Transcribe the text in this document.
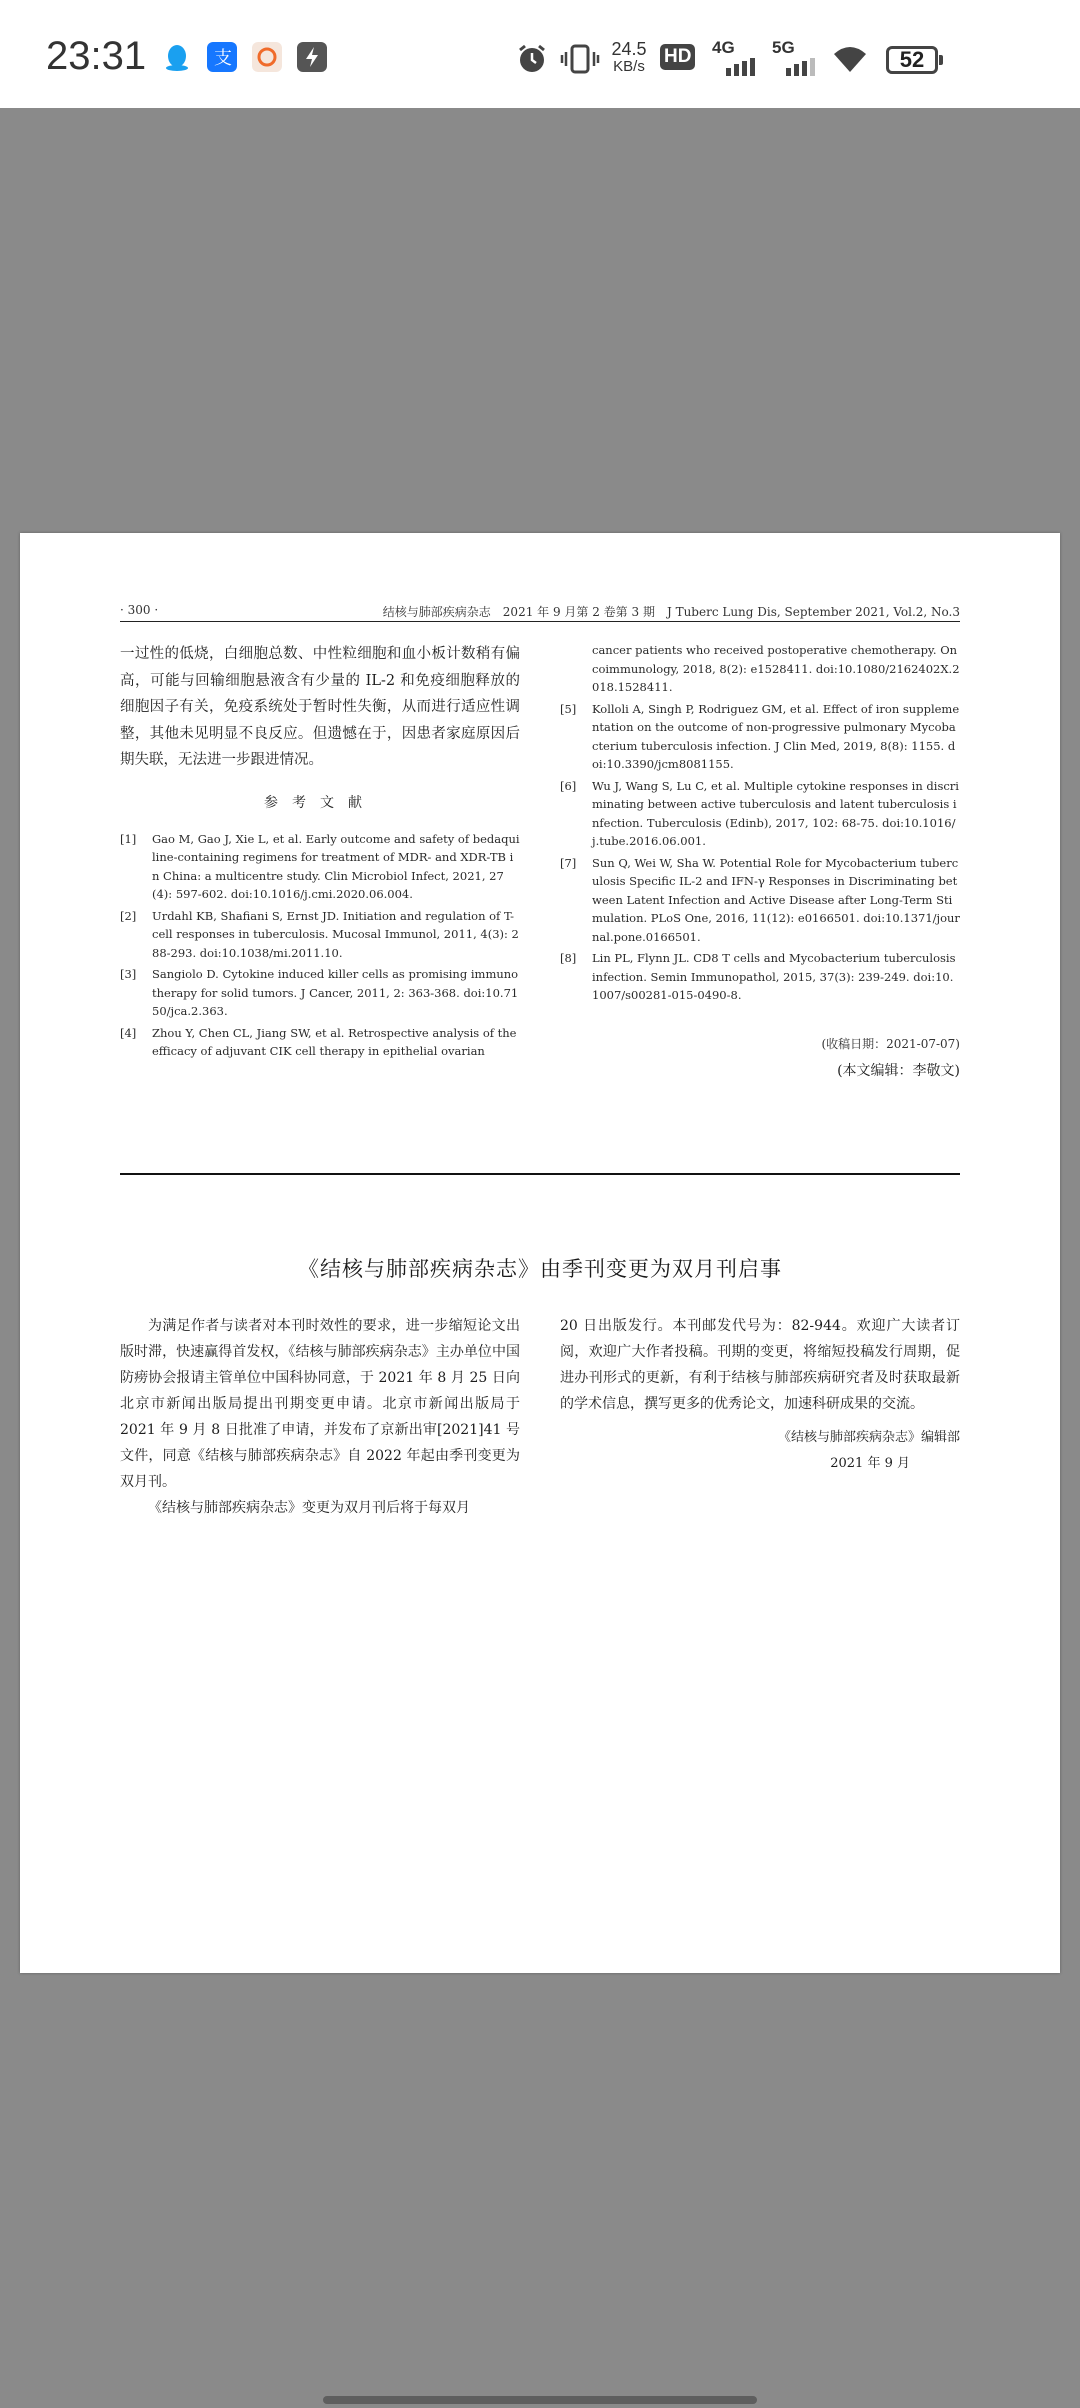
23:31	支	24.5
KB/s	HD 4G	5G	52
· 300 ·	结核与肺部疾病杂志　2021 年 9 月第 2 卷第 3 期　J Tuberc Lung Dis, September 2021, Vol.2, No.3
一过性的低烧，白细胞总数、中性粒细胞和血小板计数稍有偏高，可能与回输细胞悬液含有少量的 IL-2 和免疫细胞释放的细胞因子有关，免疫系统处于暂时性失衡，从而进行适应性调整，其他未见明显不良反应。但遗憾在于，因患者家庭原因后期失联，无法进一步跟进情况。
参考文献
[1] Gao M, Gao J, Xie L, et al. Early outcome and safety of bedaquiline-containing regimens for treatment of MDR- and XDR-TB in China: a multicentre study. Clin Microbiol Infect, 2021, 27(4): 597-602. doi:10.1016/j.cmi.2020.06.004.
[2] Urdahl KB, Shafiani S, Ernst JD. Initiation and regulation of T-cell responses in tuberculosis. Mucosal Immunol, 2011, 4(3): 288-293. doi:10.1038/mi.2011.10.
[3] Sangiolo D. Cytokine induced killer cells as promising immunotherapy for solid tumors. J Cancer, 2011, 2: 363-368. doi:10.7150/jca.2.363.
[4] Zhou Y, Chen CL, Jiang SW, et al. Retrospective analysis of the efficacy of adjuvant CIK cell therapy in epithelial ovarian
cancer patients who received postoperative chemotherapy. Oncoimmunology, 2018, 8(2): e1528411. doi:10.1080/2162402X.2018.1528411.
[5] Kolloli A, Singh P, Rodriguez GM, et al. Effect of iron supplementation on the outcome of non-progressive pulmonary Mycobacterium tuberculosis infection. J Clin Med, 2019, 8(8): 1155. doi:10.3390/jcm8081155.
[6] Wu J, Wang S, Lu C, et al. Multiple cytokine responses in discriminating between active tuberculosis and latent tuberculosis infection. Tuberculosis (Edinb), 2017, 102: 68-75. doi:10.1016/j.tube.2016.06.001.
[7] Sun Q, Wei W, Sha W. Potential Role for Mycobacterium tuberculosis Specific IL-2 and IFN-γ Responses in Discriminating between Latent Infection and Active Disease after Long-Term Stimulation. PLoS One, 2016, 11(12): e0166501. doi:10.1371/journal.pone.0166501.
[8] Lin PL, Flynn JL. CD8 T cells and Mycobacterium tuberculosis infection. Semin Immunopathol, 2015, 37(3): 239-249. doi:10.1007/s00281-015-0490-8.
(收稿日期：2021-07-07)
(本文编辑：李敬文)
《结核与肺部疾病杂志》由季刊变更为双月刊启事

为满足作者与读者对本刊时效性的要求，进一步缩短论文出版时滞，快速赢得首发权，《结核与肺部疾病杂志》主办单位中国防痨协会报请主管单位中国科协同意，于 2021 年 8 月 25 日向北京市新闻出版局提出刊期变更申请。北京市新闻出版局于 2021 年 9 月 8 日批准了申请，并发布了京新出审[2021]41 号文件，同意《结核与肺部疾病杂志》自 2022 年起由季刊变更为双月刊。

《结核与肺部疾病杂志》变更为双月刊后将于每双月

20 日出版发行。本刊邮发代号为：82-944。欢迎广大读者订阅，欢迎广大作者投稿。刊期的变更，将缩短投稿发行周期，促进办刊形式的更新，有利于结核与肺部疾病研究者及时获取最新的学术信息，撰写更多的优秀论文，加速科研成果的交流。

《结核与肺部疾病杂志》编辑部
2021 年 9 月
